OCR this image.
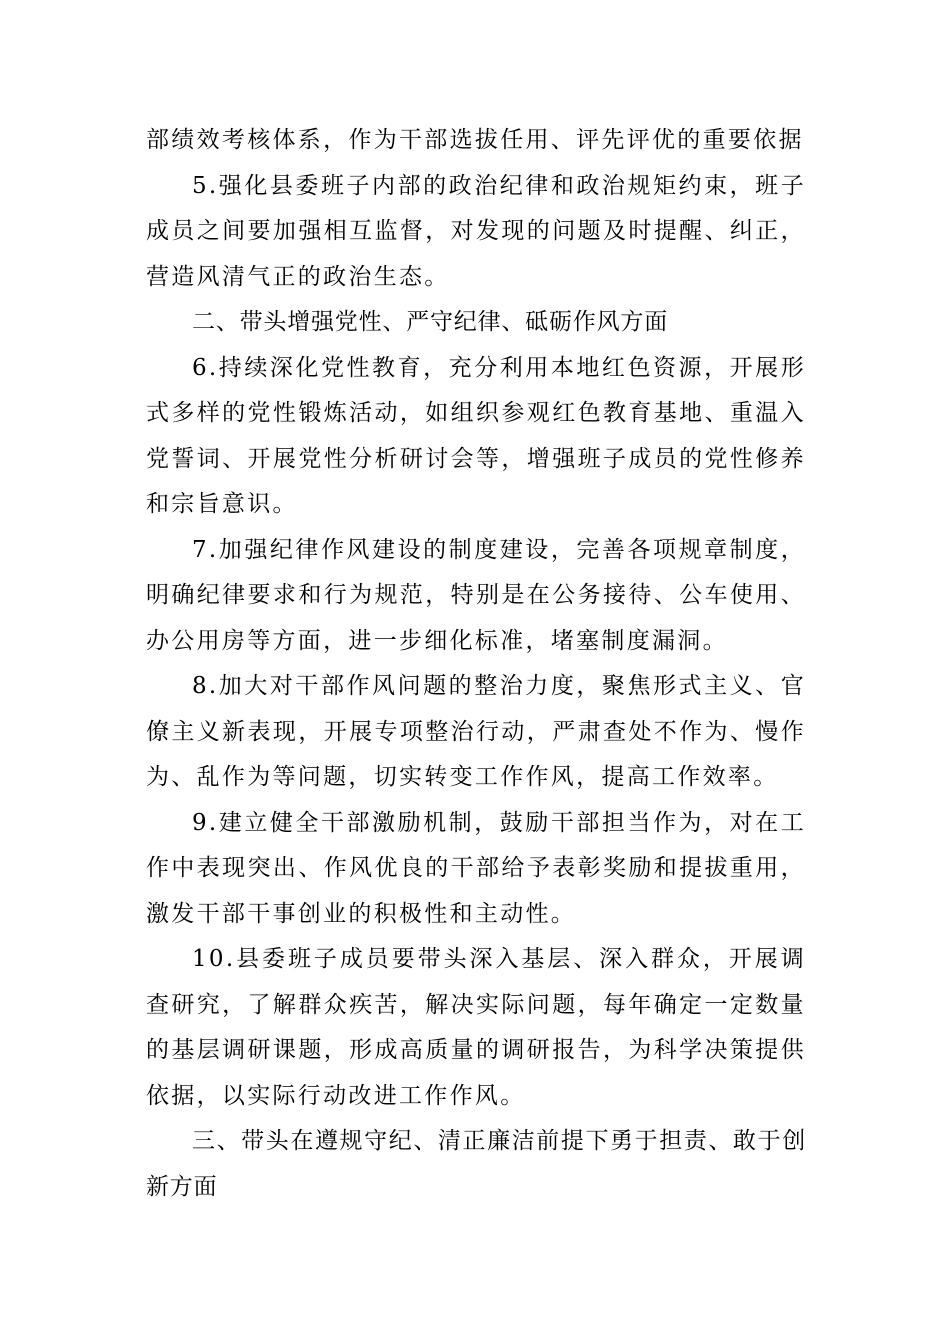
部绩效考核体系，作为干部选拔任用、评先评优的重要依据

5.强化县委班子内部的政治纪律和政治规矩约束，班子成员之间要加强相互监督，对发现的问题及时提醒、纠正，营造风清气正的政治生态。

二、带头增强党性、严守纪律、砥砺作风方面

6.持续深化党性教育，充分利用本地红色资源，开展形式多样的党性锻炼活动，如组织参观红色教育基地、重温入党誓词、开展党性分析研讨会等，增强班子成员的党性修养和宗旨意识。

7.加强纪律作风建设的制度建设，完善各项规章制度，明确纪律要求和行为规范，特别是在公务接待、公车使用、办公用房等方面，进一步细化标准，堵塞制度漏洞。

8.加大对干部作风问题的整治力度，聚焦形式主义、官僚主义新表现，开展专项整治行动，严肃查处不作为、慢作为、乱作为等问题，切实转变工作作风，提高工作效率。

9.建立健全干部激励机制，鼓励干部担当作为，对在工作中表现突出、作风优良的干部给予表彰奖励和提拔重用，激发干部干事创业的积极性和主动性。

10.县委班子成员要带头深入基层、深入群众，开展调查研究，了解群众疾苦，解决实际问题，每年确定一定数量的基层调研课题，形成高质量的调研报告，为科学决策提供依据，以实际行动改进工作作风。

三、带头在遵规守纪、清正廉洁前提下勇于担责、敢于创新方面
